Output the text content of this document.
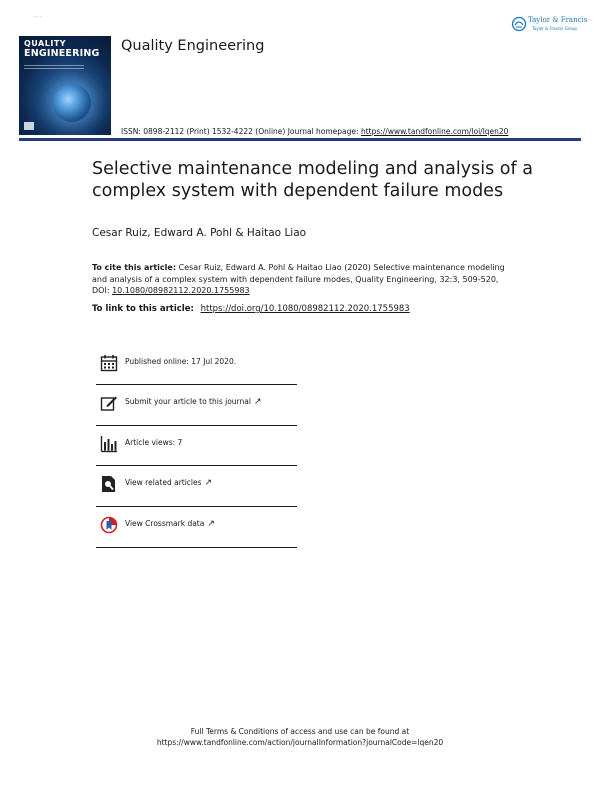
...
QUALITY
ENGINEERING Quality Engineering
Taylor & Francis
Taylor & Francis Group
ISSN: 0898-2112 (Print) 1532-4222 (Online) Journal homepage: https://www.tandfonline.com/loi/lqen20
Selective maintenance modeling and analysis of a complex system with dependent failure modes
Cesar Ruiz, Edward A. Pohl & Haitao Liao
To cite this article: Cesar Ruiz, Edward A. Pohl & Haitao Liao (2020) Selective maintenance modeling and analysis of a complex system with dependent failure modes, Quality Engineering, 32:3, 509-520, DOI: 10.1080/08982112.2020.1755983
To link to this article: https://doi.org/10.1080/08982112.2020.1755983
Published online: 17 Jul 2020.
Submit your article to this journal ↗
Article views: 7
View related articles ↗
View Crossmark data ↗
Full Terms & Conditions of access and use can be found at
https://www.tandfonline.com/action/journalInformation?journalCode=lqen20
